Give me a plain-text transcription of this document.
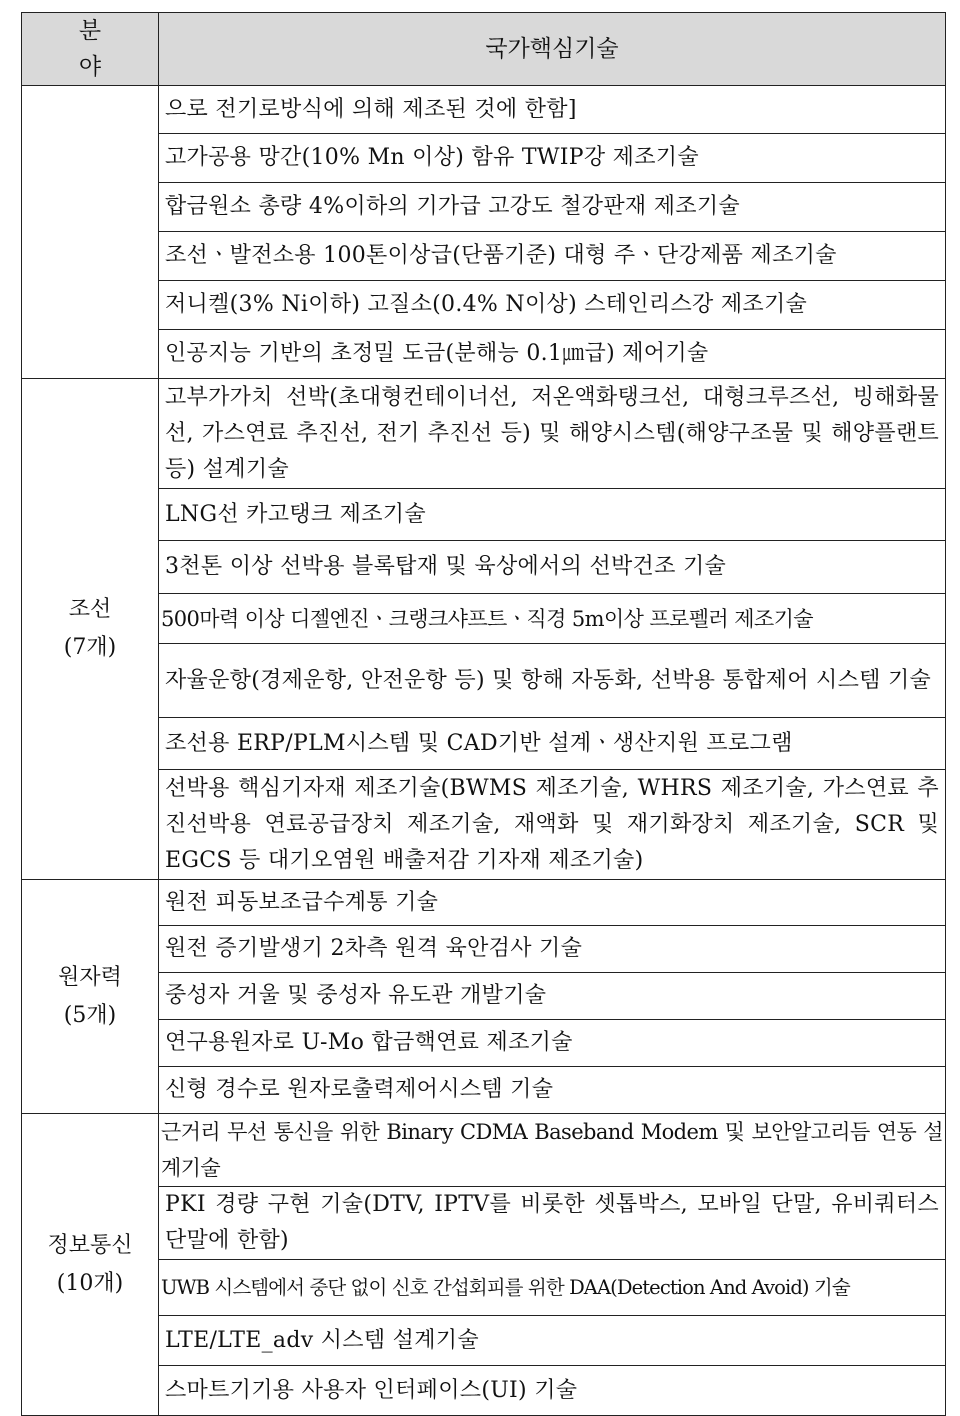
분 야	국가핵심기술

	으로 전기로방식에 의해 제조된 것에 한함]
	고가공용 망간(10% Mn 이상) 함유 TWIP강 제조기술
	합금원소 총량 4%이하의 기가급 고강도 철강판재 제조기술
	조선ㆍ발전소용 100톤이상급(단품기준) 대형 주ㆍ단강제품 제조기술
	저니켈(3% Ni이하) 고질소(0.4% N이상) 스테인리스강 제조기술
	인공지능 기반의 초정밀 도금(분해능 0.1㎛급) 제어기술

조선
(7개)	고부가가치 선박(초대형컨테이너선, 저온액화탱크선, 대형크루즈선, 빙해화물선, 가스연료 추진선, 전기 추진선 등) 및 해양시스템(해양구조물 및 해양플랜트 등) 설계기술
	LNG선 카고탱크 제조기술
	3천톤 이상 선박용 블록탑재 및 육상에서의 선박건조 기술
	500마력 이상 디젤엔진ㆍ크랭크샤프트ㆍ직경 5m이상 프로펠러 제조기술
	자율운항(경제운항, 안전운항 등) 및 항해 자동화, 선박용 통합제어 시스템 기술
	조선용 ERP/PLM시스템 및 CAD기반 설계ㆍ생산지원 프로그램
	선박용 핵심기자재 제조기술(BWMS 제조기술, WHRS 제조기술, 가스연료 추진선박용 연료공급장치 제조기술, 재액화 및 재기화장치 제조기술, SCR 및 EGCS 등 대기오염원 배출저감 기자재 제조기술)

원자력
(5개)	원전 피동보조급수계통 기술
	원전 증기발생기 2차측 원격 육안검사 기술
	중성자 거울 및 중성자 유도관 개발기술
	연구용원자로 U-Mo 합금핵연료 제조기술
	신형 경수로 원자로출력제어시스템 기술

정보통신
(10개)	근거리 무선 통신을 위한 Binary CDMA Baseband Modem 및 보안알고리듬 연동 설계기술
	PKI 경량 구현 기술(DTV, IPTV를 비롯한 셋톱박스, 모바일 단말, 유비쿼터스 단말에 한함)
	UWB 시스템에서 중단 없이 신호 간섭회피를 위한 DAA(Detection And Avoid) 기술
	LTE/LTE_adv 시스템 설계기술
	스마트기기용 사용자 인터페이스(UI) 기술
